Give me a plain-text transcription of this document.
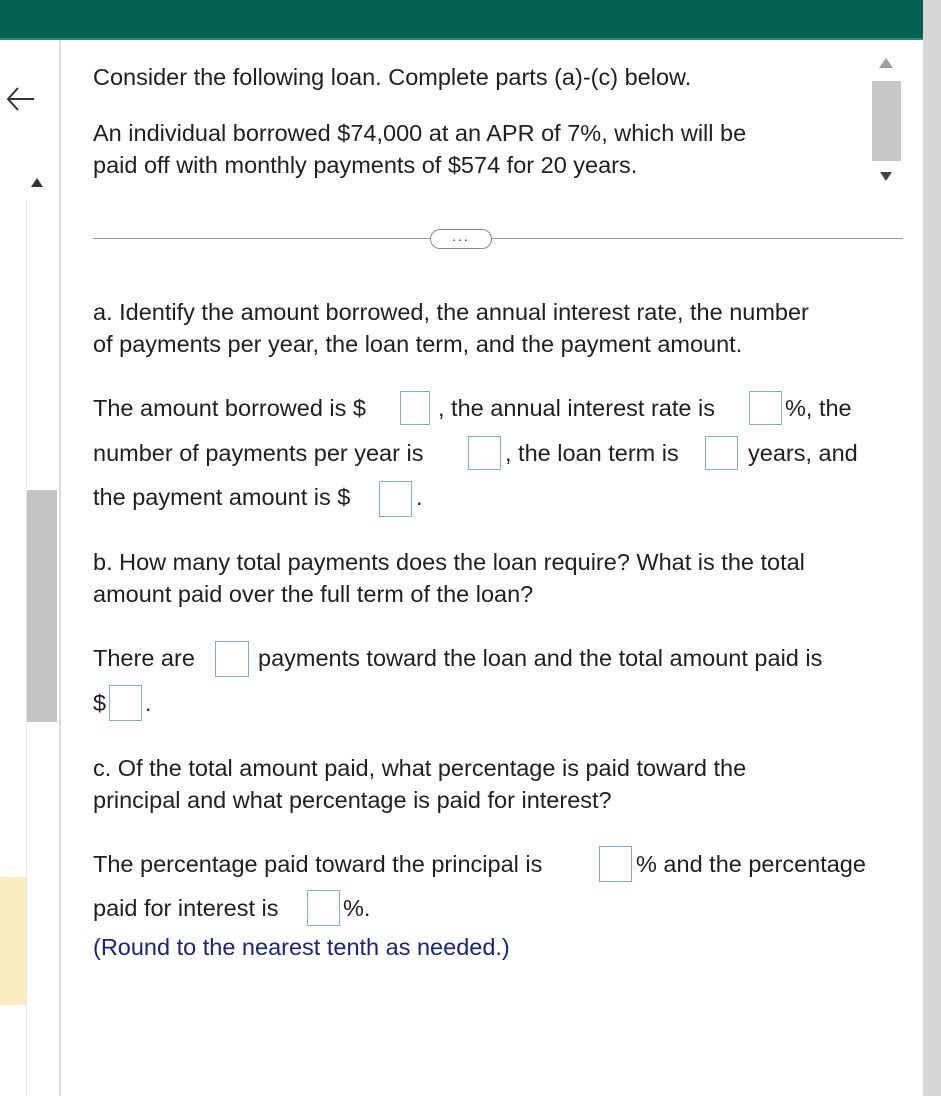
Consider the following loan. Complete parts (a)-(c) below.
An individual borrowed $74,000 at an APR of 7%, which will be
paid off with monthly payments of $574 for 20 years.
...
a. Identify the amount borrowed, the annual interest rate, the number
of payments per year, the loan term, and the payment amount.
The amount borrowed is $	, the annual interest rate is	%, the
number of payments per year is	, the loan term is	years, and
the payment amount is $	.
b. How many total payments does the loan require? What is the total
amount paid over the full term of the loan?
There are	payments toward the loan and the total amount paid is
$ .
c. Of the total amount paid, what percentage is paid toward the
principal and what percentage is paid for interest?
The percentage paid toward the principal is	% and the percentage
paid for interest is	%.
(Round to the nearest tenth as needed.)
